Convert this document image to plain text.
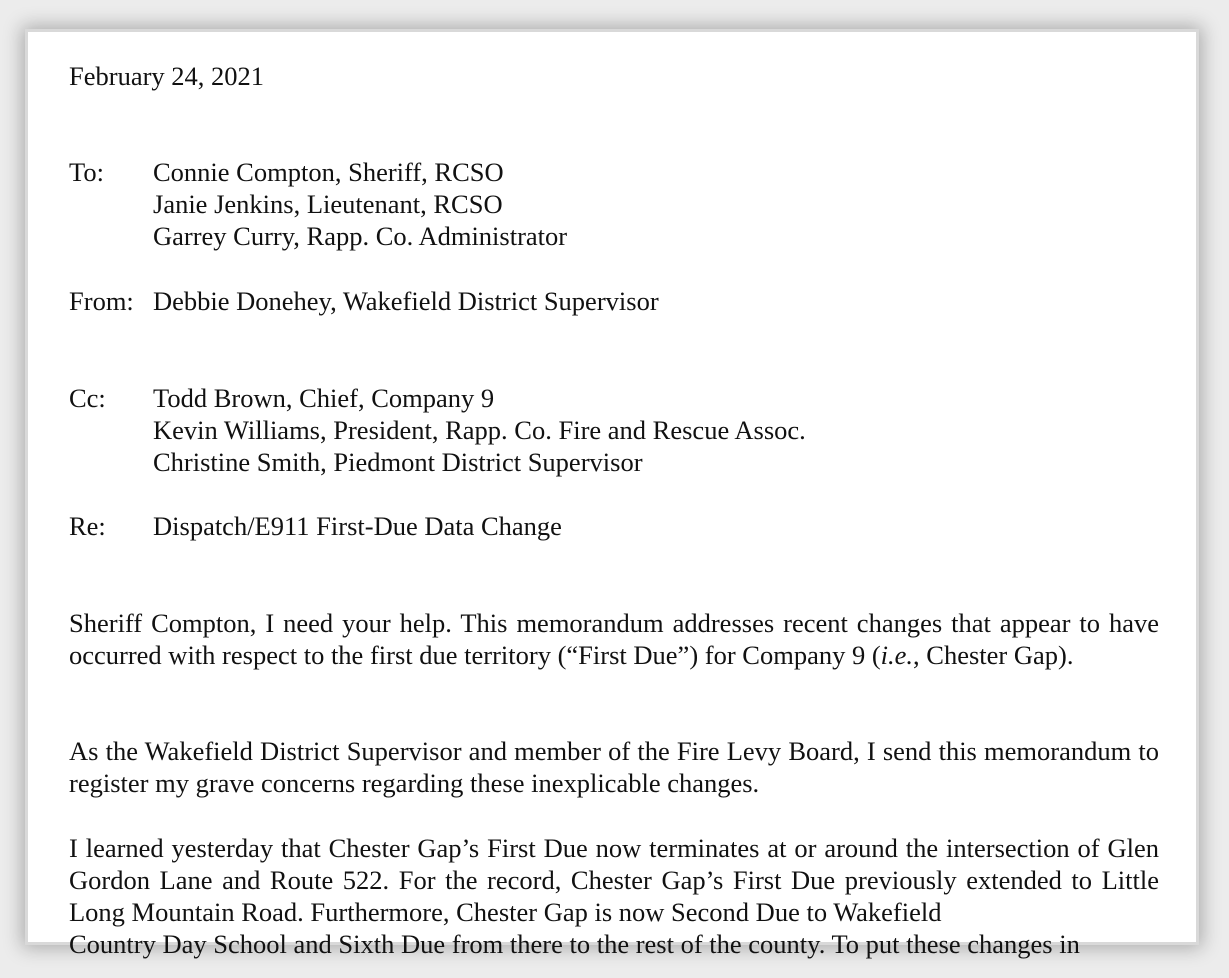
February 24, 2021
To:	Connie Compton, Sheriff, RCSO
Janie Jenkins, Lieutenant, RCSO
Garrey Curry, Rapp. Co. Administrator
From: Debbie Donehey, Wakefield District Supervisor
Cc:	Todd Brown, Chief, Company 9
Kevin Williams, President, Rapp. Co. Fire and Rescue Assoc.
Christine Smith, Piedmont District Supervisor
Re:	Dispatch/E911 First-Due Data Change
Sheriff Compton, I need your help. This memorandum addresses recent changes that appear to have occurred with respect to the first due territory (“First Due”) for Company 9 (i.e., Chester Gap).
As the Wakefield District Supervisor and member of the Fire Levy Board, I send this memorandum to register my grave concerns regarding these inexplicable changes.
I learned yesterday that Chester Gap’s First Due now terminates at or around the intersection of Glen Gordon Lane and Route 522. For the record, Chester Gap’s First Due previously extended to Little Long Mountain Road. Furthermore, Chester Gap is now Second Due to Wakefield
Country Day School and Sixth Due from there to the rest of the county. To put these changes in
